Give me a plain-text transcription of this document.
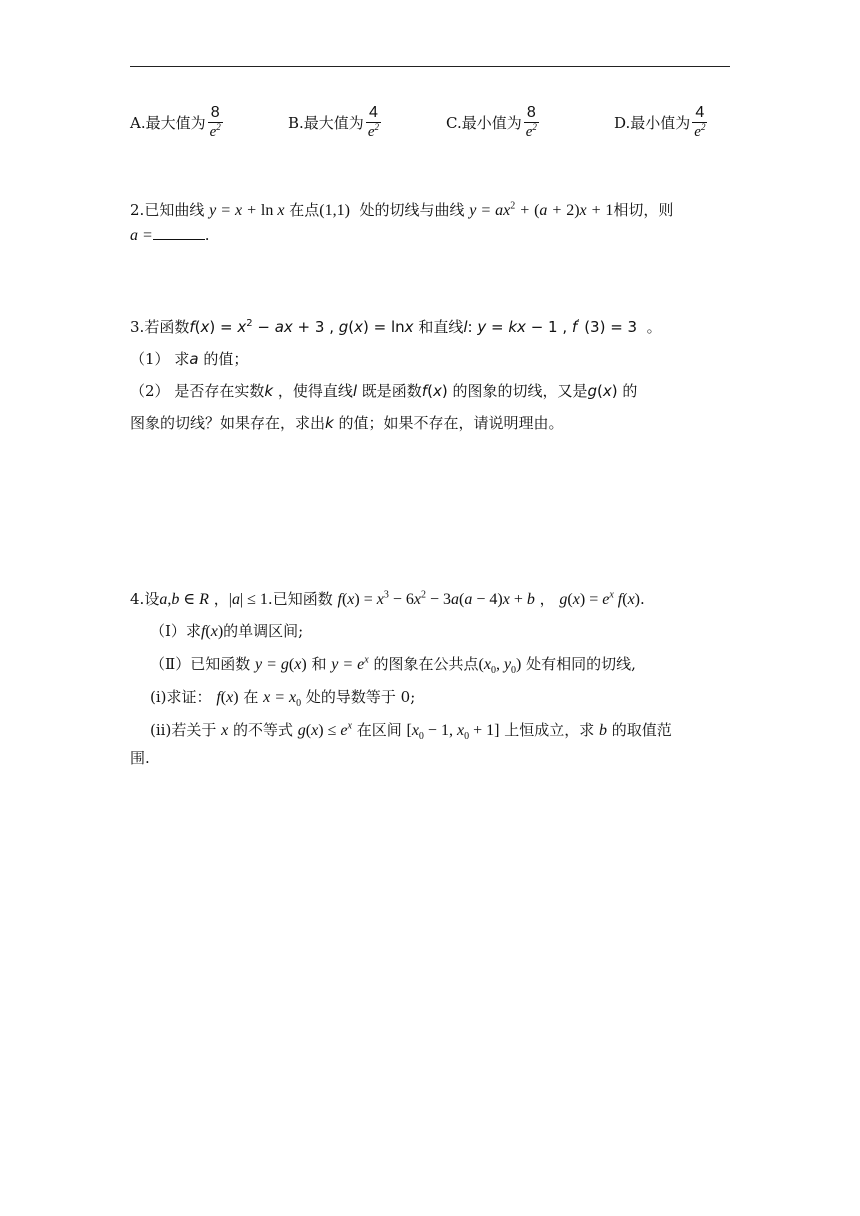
A. 最大值为 $\frac{8}{e^2}$	B. 最大值为 $\frac{4}{e^2}$	C. 最小值为 $\frac{8}{e^2}$	D. 最小值为 $\frac{4}{e^2}$
2.已知曲线 y = x + ln x 在点(1,1) 处的切线与曲线 $y = ax^2 + (a + 2)x + 1$相切，则
a =	.
3.若函数$f(x) = x^2$ − ax + 3 , g(x) = lnx 和直线l: y = kx − 1 , f′ (3) = 3 。
（1） 求a 的值；
（2） 是否存在实数k ，使得直线l 既是函数f(x) 的图象的切线，又是g(x) 的
图象的切线？如果存在，求出k 的值；如果不存在，请说明理由。
4.设a,b ∈ R ，|a| ≤ 1.已知函数 $f(x) = x^3 - 6x^2 - 3a(a - 4)x + b$ ， $g(x) = e^x$ f(x).
（Ⅰ）求f(x)的单调区间;
（Ⅱ）已知函数 y = g(x) 和 $y = e^x$ 的图象在公共点($x_0$, $y_0$) 处有相同的切线,
(i)求证： f(x) 在 $x = x_0$ 处的导数等于 0;
(ii)若关于 x 的不等式 $g(x) \le e^x$ 在区间 [$x_0 - 1$, $x_0 + 1$] 上恒成立，求 b 的取值范
围.
